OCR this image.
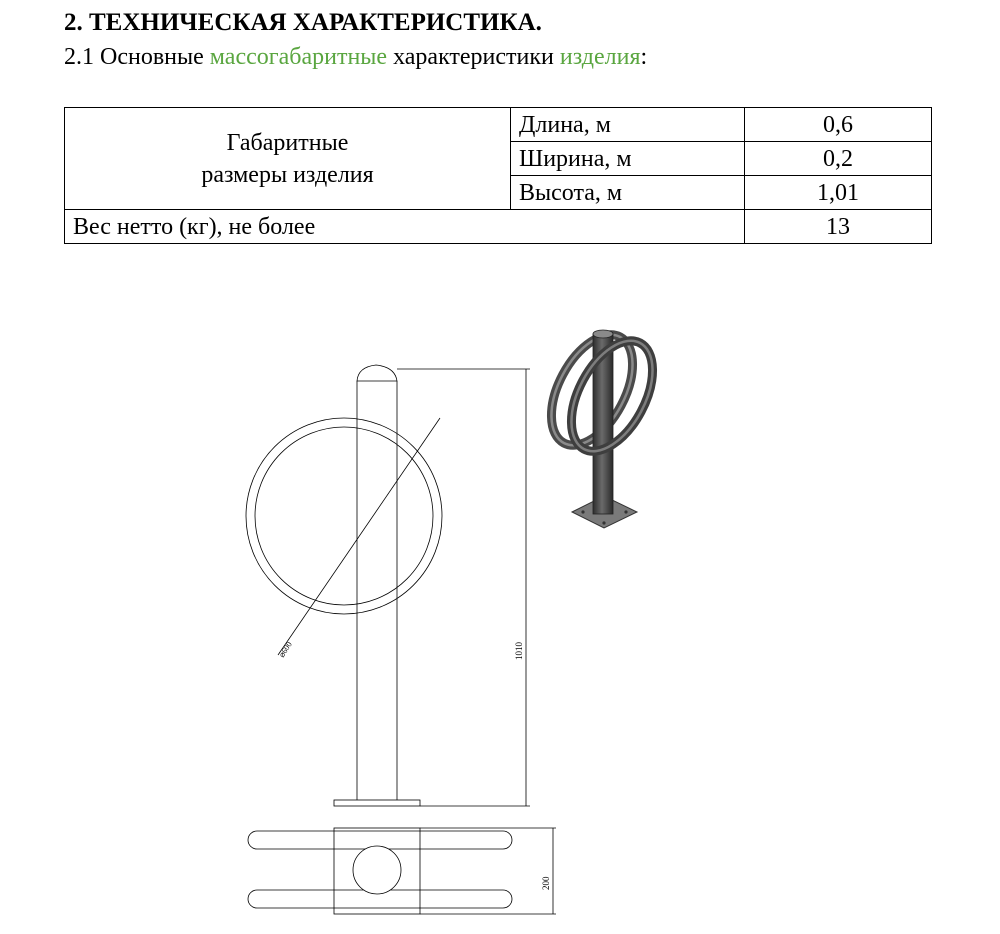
2. ТЕХНИЧЕСКАЯ ХАРАКТЕРИСТИКА.

2.1 Основные массогабаритные характеристики изделия:

Габаритные
размеры изделия	Длина, м	0,6
	Ширина, м	0,2
	Высота, м	1,01
Вес нетто (кг), не более		13
⌀600	1010
200
